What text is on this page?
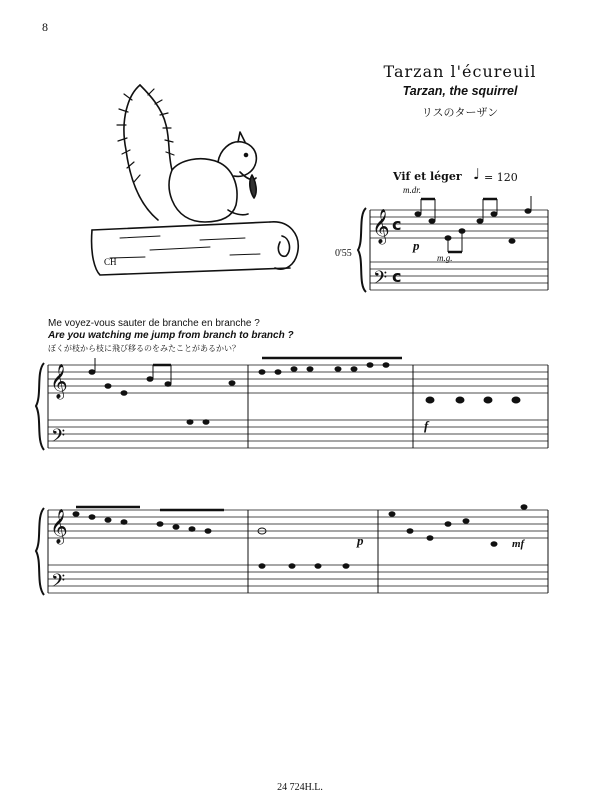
8
CH
Tarzan l'écureuil
Tarzan, the squirrel
リスのターザン
Vif et léger ♩ = 120
m.dr.
m.g.
p
0'55
Me voyez-vous sauter de branche en branche ?
Are you watching me jump from branch to branch ?
ぼくが枝から枝に飛び移るのをみたことがあるかい？
f
p	mf
𝄞
𝄢
c
c
𝄞
𝄢
𝄞
𝄢
24 724H.L.
